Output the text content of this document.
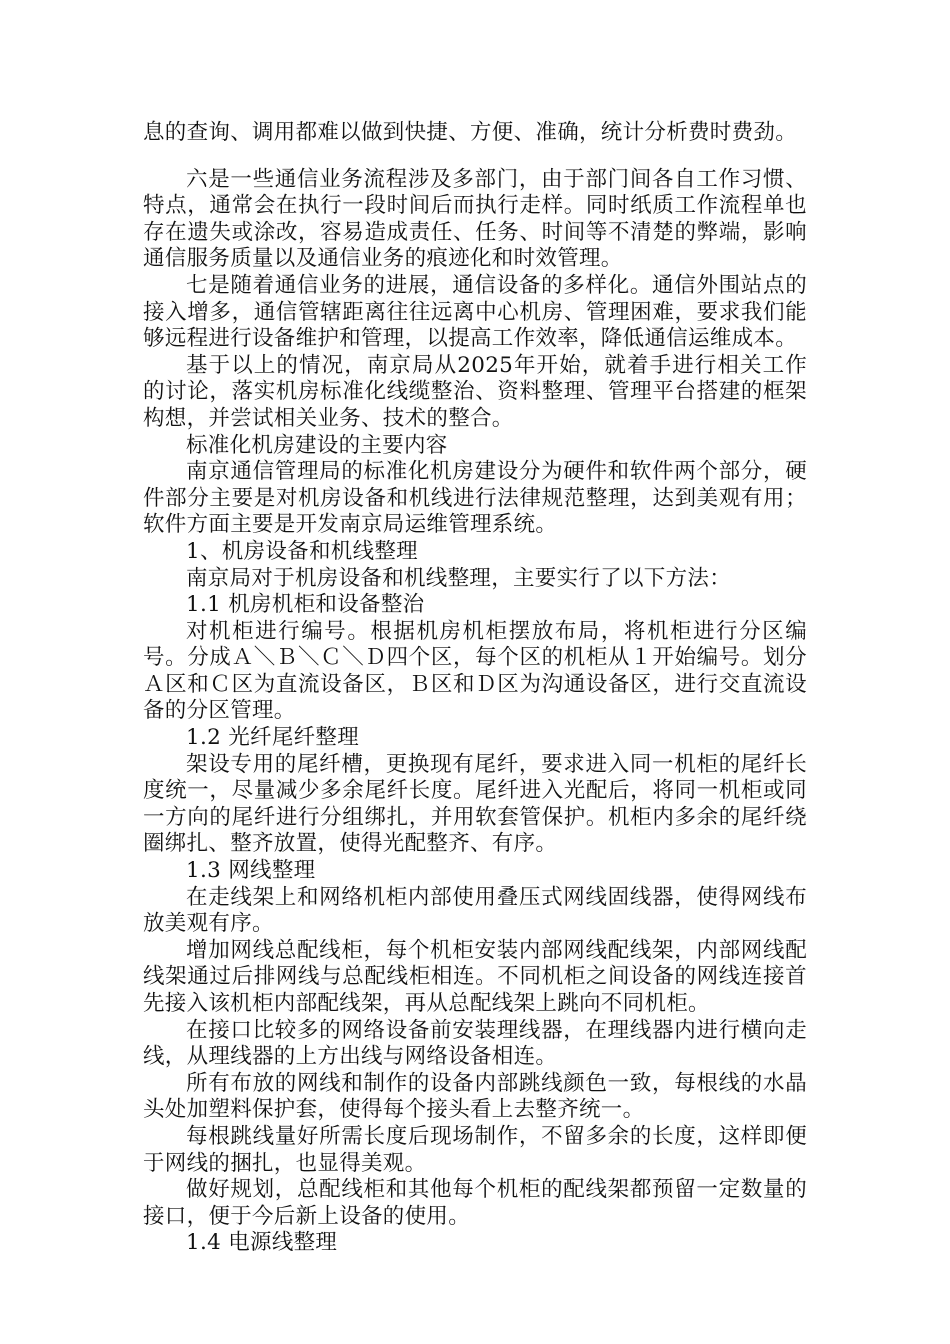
息的查询、调用都难以做到快捷、方便、准确，统计分析费时费劲。

六是一些通信业务流程涉及多部门，由于部门间各自工作习惯、特点，通常会在执行一段时间后而执行走样。同时纸质工作流程单也存在遗失或涂改，容易造成责任、任务、时间等不清楚的弊端，影响通信服务质量以及通信业务的痕迹化和时效管理。

七是随着通信业务的进展，通信设备的多样化。通信外围站点的接入增多，通信管辖距离往往远离中心机房、管理困难，要求我们能够远程进行设备维护和管理，以提高工作效率，降低通信运维成本。

基于以上的情况，南京局从2025年开始，就着手进行相关工作的讨论，落实机房标准化线缆整治、资料整理、管理平台搭建的框架构想，并尝试相关业务、技术的整合。

标准化机房建设的主要内容

南京通信管理局的标准化机房建设分为硬件和软件两个部分，硬件部分主要是对机房设备和机线进行法律规范整理，达到美观有用；软件方面主要是开发南京局运维管理系统。

1、机房设备和机线整理

南京局对于机房设备和机线整理，主要实行了以下方法：

1.1 机房机柜和设备整治

对机柜进行编号。根据机房机柜摆放布局，将机柜进行分区编号。分成Ａ＼Ｂ＼Ｃ＼Ｄ四个区，每个区的机柜从１开始编号。划分Ａ区和Ｃ区为直流设备区，Ｂ区和Ｄ区为沟通设备区，进行交直流设备的分区管理。

1.2 光纤尾纤整理

架设专用的尾纤槽，更换现有尾纤，要求进入同一机柜的尾纤长度统一，尽量减少多余尾纤长度。尾纤进入光配后，将同一机柜或同一方向的尾纤进行分组绑扎，并用软套管保护。机柜内多余的尾纤绕圈绑扎、整齐放置，使得光配整齐、有序。

1.3 网线整理

在走线架上和网络机柜内部使用叠压式网线固线器，使得网线布放美观有序。

增加网线总配线柜，每个机柜安装内部网线配线架，内部网线配线架通过后排网线与总配线柜相连。不同机柜之间设备的网线连接首先接入该机柜内部配线架，再从总配线架上跳向不同机柜。

在接口比较多的网络设备前安装理线器，在理线器内进行横向走线，从理线器的上方出线与网络设备相连。

所有布放的网线和制作的设备内部跳线颜色一致，每根线的水晶头处加塑料保护套，使得每个接头看上去整齐统一。

每根跳线量好所需长度后现场制作，不留多余的长度，这样即便于网线的捆扎，也显得美观。

做好规划，总配线柜和其他每个机柜的配线架都预留一定数量的接口，便于今后新上设备的使用。

1.4 电源线整理
